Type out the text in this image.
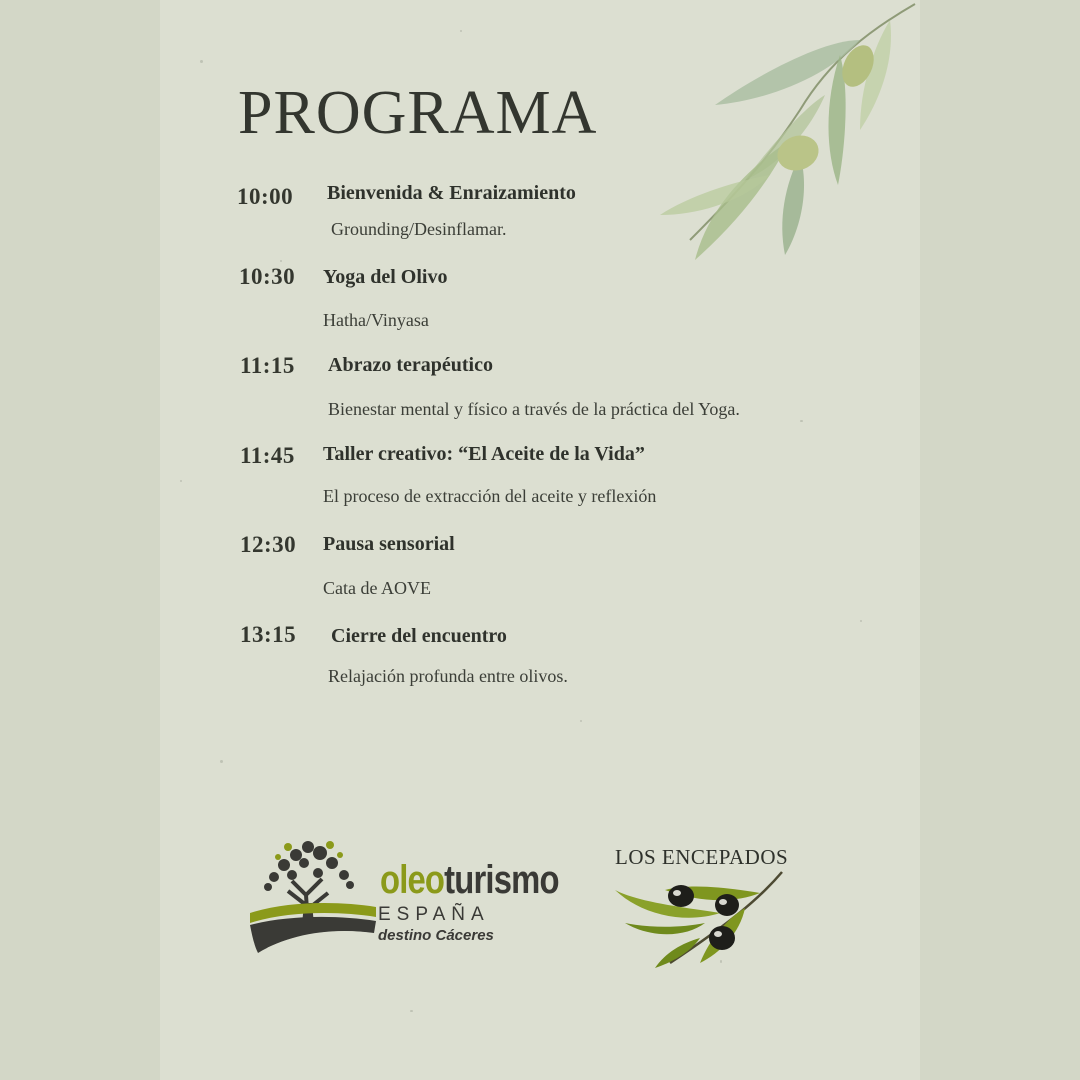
PROGRAMA
10:00 Bienvenida & Enraizamiento
Grounding/Desinflamar.
10:30 Yoga del Olivo
Hatha/Vinyasa
11:15 Abrazo terapéutico
Bienestar mental y físico a través de la práctica del Yoga.
11:45 Taller creativo: “El Aceite de la Vida”
El proceso de extracción del aceite y reflexión
12:30 Pausa sensorial
Cata de AOVE
13:15 Cierre del encuentro
Relajación profunda entre olivos.
oleoturismo
ESPAÑA
destino Cáceres
LOS ENCEPADOS
